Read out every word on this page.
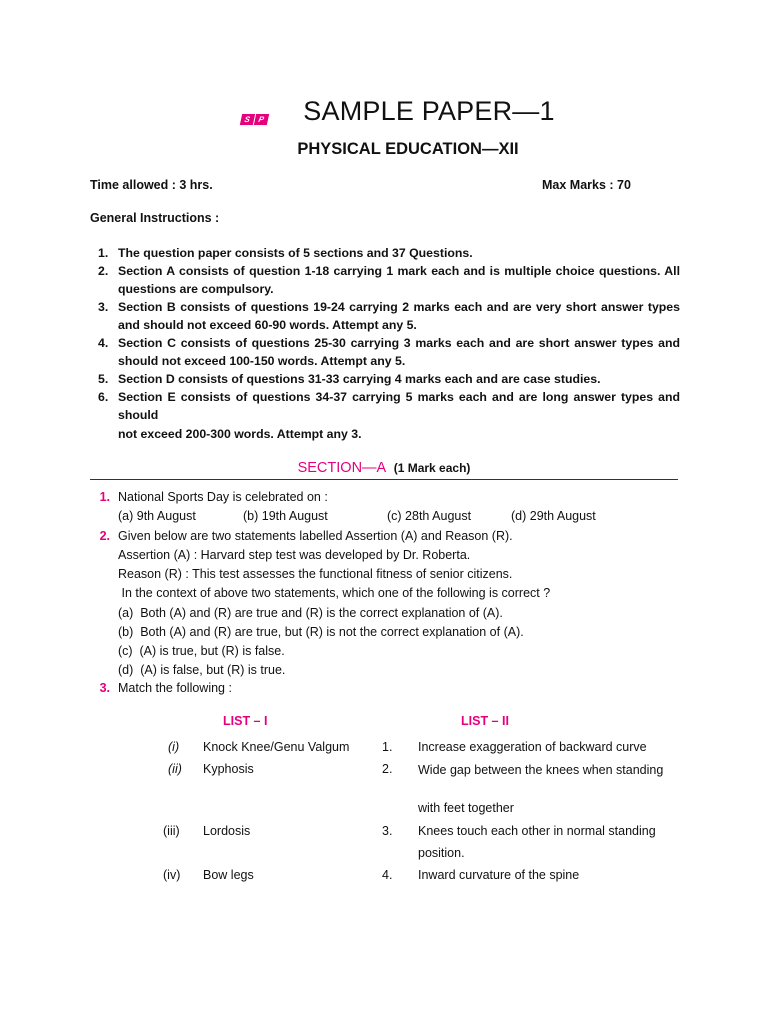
S P	SAMPLE PAPER—1
PHYSICAL EDUCATION—XII
Time allowed : 3 hrs.	Max Marks : 70
General Instructions :
1. The question paper consists of 5 sections and 37 Questions.
2. Section A consists of question 1-18 carrying 1 mark each and is multiple choice questions. All questions are compulsory.
3. Section B consists of questions 19-24 carrying 2 marks each and are very short answer types and should not exceed 60-90 words. Attempt any 5.
4. Section C consists of questions 25-30 carrying 3 marks each and are short answer types and should not exceed 100-150 words. Attempt any 5.
5. Section D consists of questions 31-33 carrying 4 marks each and are case studies.
6. Section E consists of questions 34-37 carrying 5 marks each and are long answer types and should
not exceed 200-300 words. Attempt any 3.
SECTION—A (1 Mark each)
1. National Sports Day is celebrated on :
(a) 9th August	(b) 19th August	(c) 28th August	(d) 29th August
2. Given below are two statements labelled Assertion (A) and Reason (R).
Assertion (A) : Harvard step test was developed by Dr. Roberta.
Reason (R) : This test assesses the functional fitness of senior citizens.
In the context of above two statements, which one of the following is correct ?
(a)  Both (A) and (R) are true and (R) is the correct explanation of (A).
(b)  Both (A) and (R) are true, but (R) is not the correct explanation of (A).
(c)  (A) is true, but (R) is false.
(d)  (A) is false, but (R) is true.
3. Match the following :
LIST – I	LIST – II
(i) Knock Knee/Genu Valgum	1. Increase exaggeration of backward curve
(ii) Kyphosis	2. Wide gap between the knees when standing
with feet together
(iii) Lordosis	3. Knees touch each other in normal standing
position.
(iv) Bow legs	4. Inward curvature of the spine
